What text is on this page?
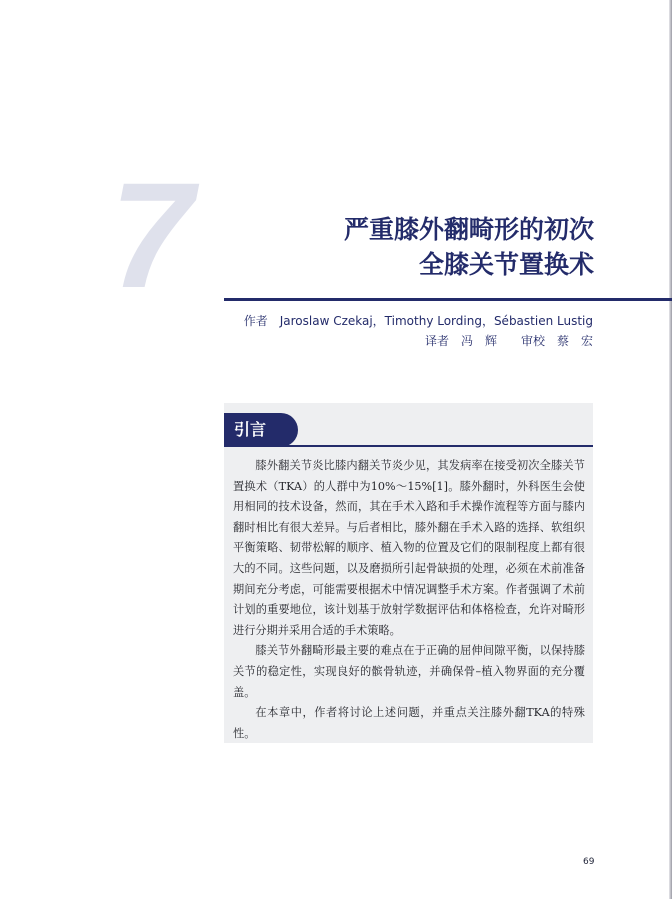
7	严重膝外翻畸形的初次
全膝关节置换术
作者　Jaroslaw Czekaj，Timothy Lording，Sébastien Lustig
译者　冯　辉　　审校　蔡　宏
引言

膝外翻关节炎比膝内翻关节炎少见，其发病率在接受初次全膝关节置换术（TKA）的人群中为10%～15%[1]。膝外翻时，外科医生会使用相同的技术设备，然而，其在手术入路和手术操作流程等方面与膝内翻时相比有很大差异。与后者相比，膝外翻在手术入路的选择、软组织平衡策略、韧带松解的顺序、植入物的位置及它们的限制程度上都有很大的不同。这些问题，以及磨损所引起骨缺损的处理，必须在术前准备期间充分考虑，可能需要根据术中情况调整手术方案。作者强调了术前计划的重要地位，该计划基于放射学数据评估和体格检查，允许对畸形进行分期并采用合适的手术策略。

膝关节外翻畸形最主要的难点在于正确的屈伸间隙平衡，以保持膝关节的稳定性，实现良好的髌骨轨迹，并确保骨–植入物界面的充分覆盖。

在本章中，作者将讨论上述问题，并重点关注膝外翻TKA的特殊性。

69
